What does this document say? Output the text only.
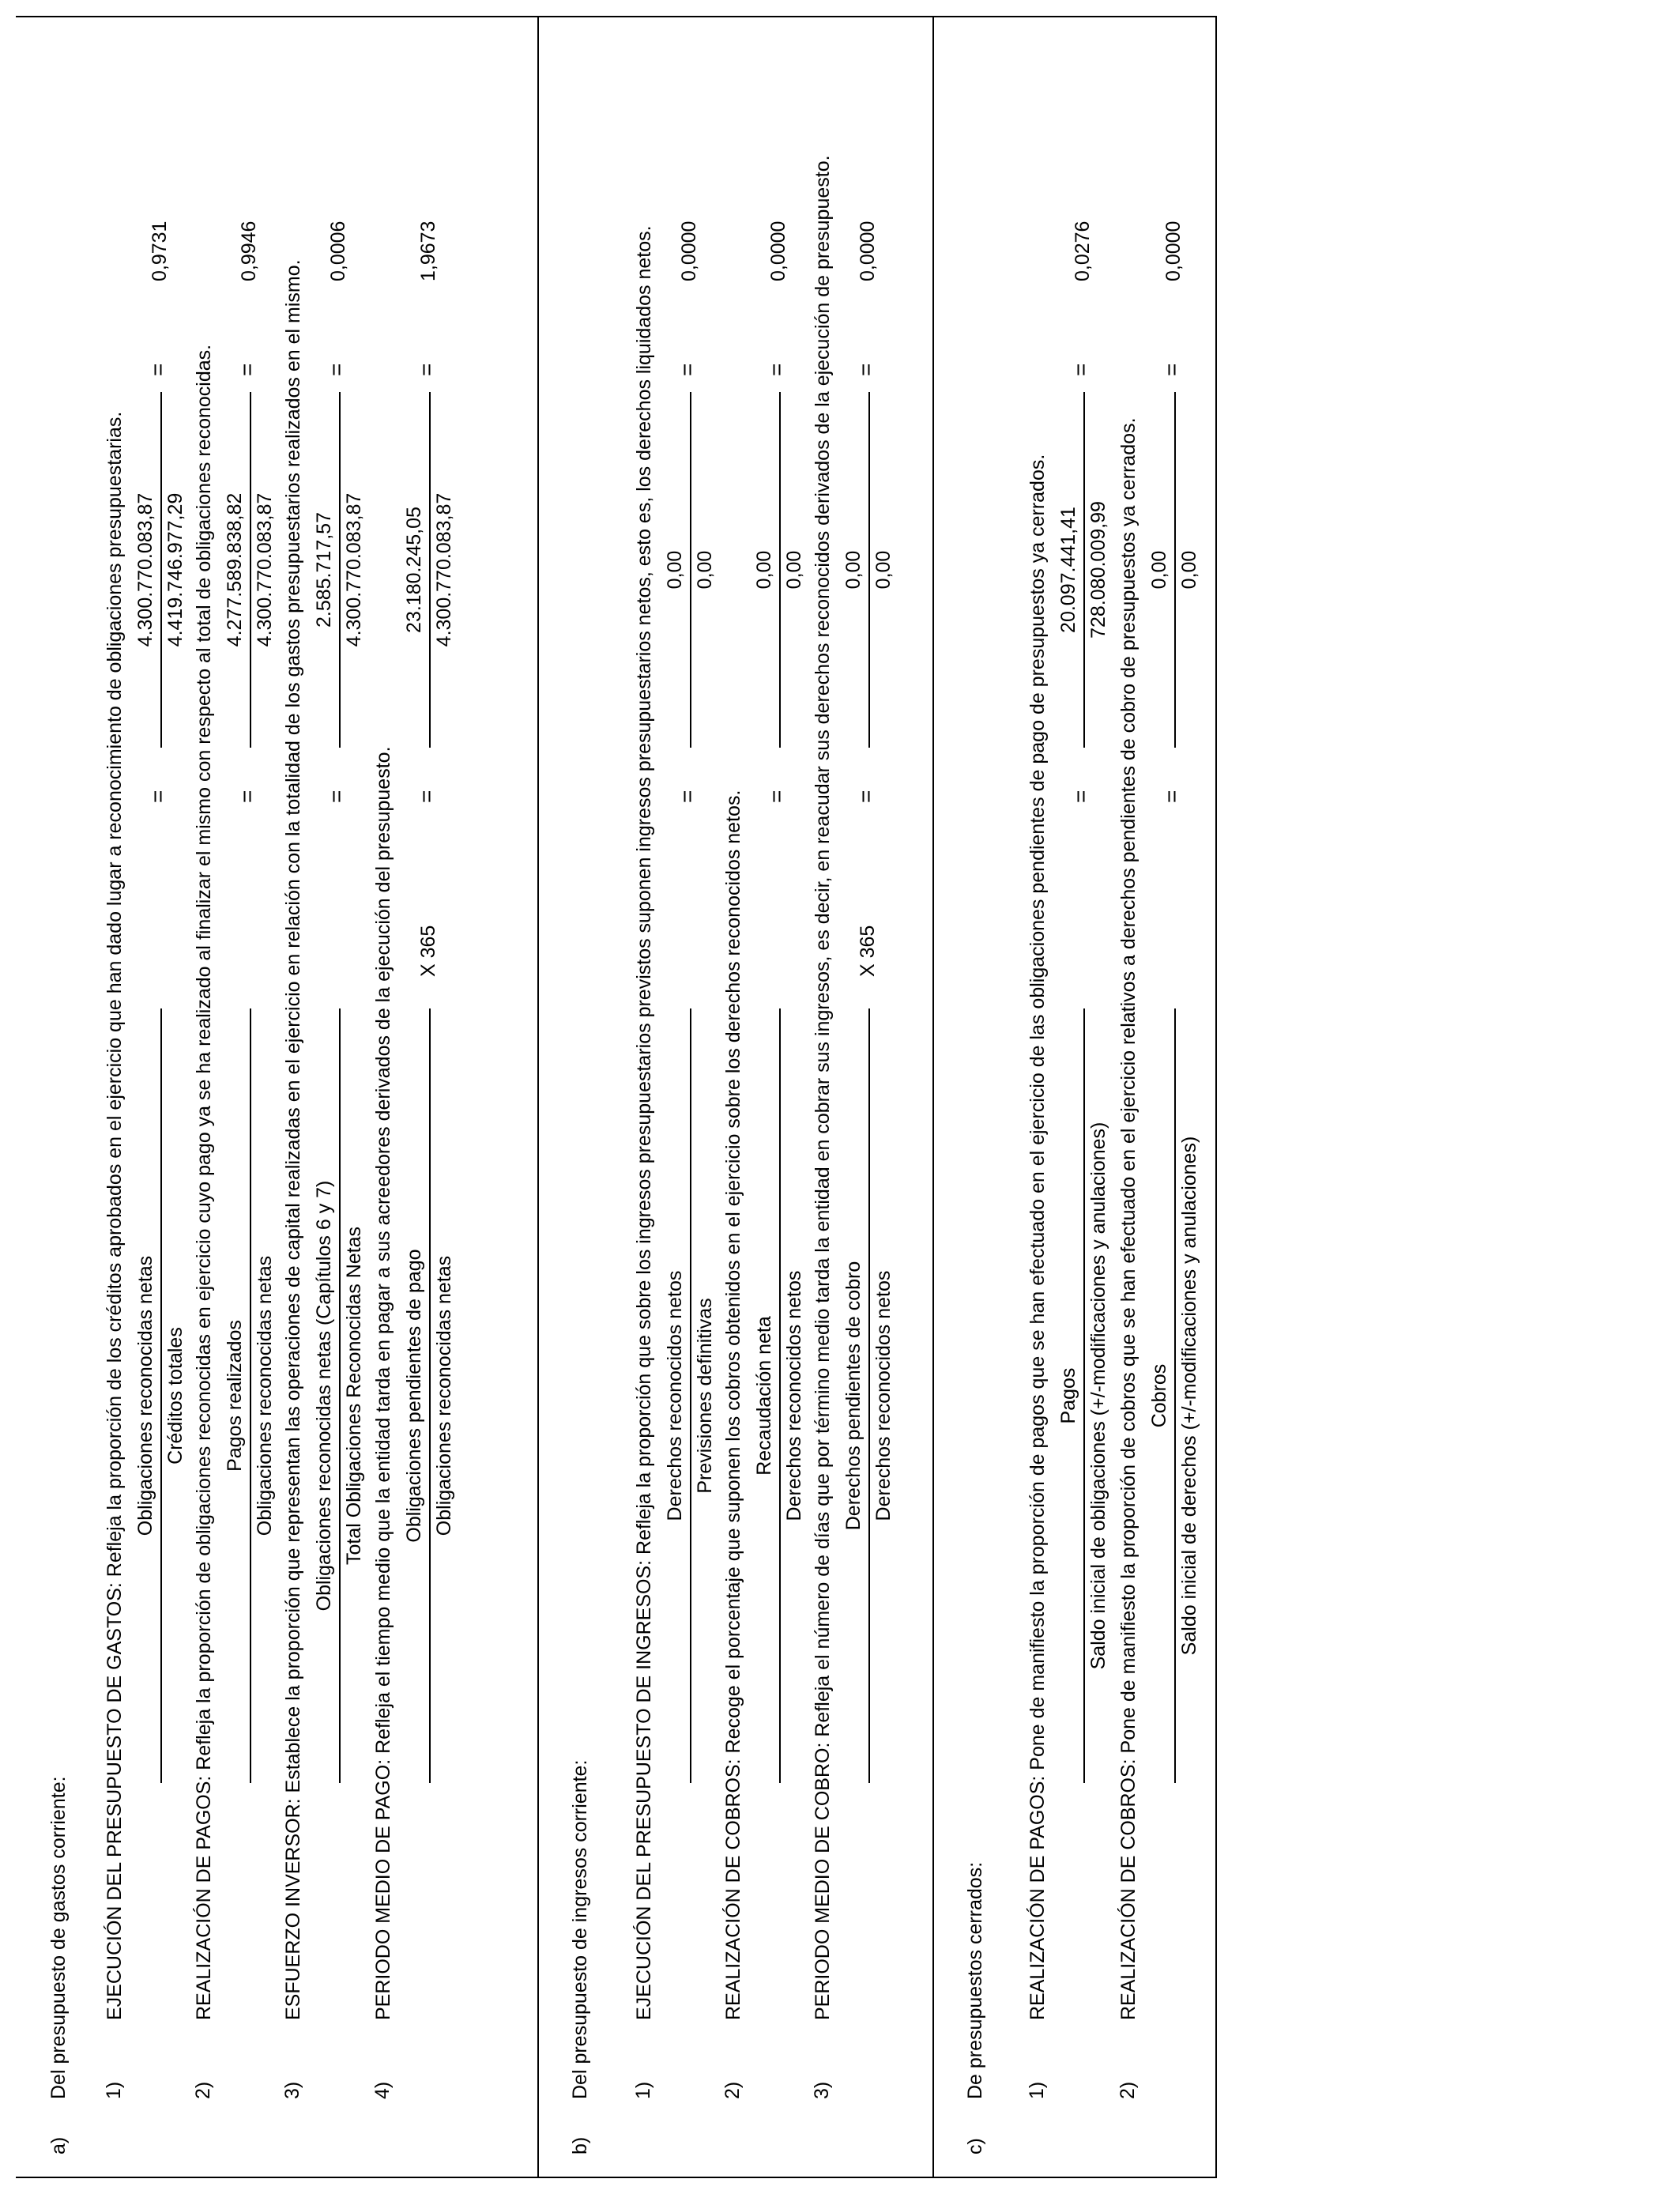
a)
Del presupuesto de gastos corriente: 1)
EJECUCIÓN DEL PRESUPUESTO DE GASTOS: Refleja la proporción de los créditos aprobados en el ejercicio que han dado lugar a reconocimiento de obligaciones presupuestarias. Obligaciones reconocidas netas Créditos totales
=
4.300.770.083,87 4.419.746.977,29
=
0,9731
2)
REALIZACIÓN DE PAGOS: Refleja la proporción de obligaciones reconocidas en ejercicio cuyo pago ya se ha realizado al finalizar el mismo con respecto al total de obligaciones reconocidas. Pagos realizados Obligaciones reconocidas netas
=
4.277.589.838,82 4.300.770.083,87
=
0,9946
3)
ESFUERZO INVERSOR: Establece la proporción que representan las operaciones de capital realizadas en el ejercicio en relación con la totalidad de los gastos presupuestarios realizados en el mismo. Obligaciones reconocidas netas (Capítulos 6 y 7) Total Obligaciones Reconocidas Netas
=
2.585.717,57 4.300.770.083,87
=
0,0006
4)
PERIODO MEDIO DE PAGO: Refleja el tiempo medio que la entidad tarda en pagar a sus acreedores derivados de la ejecución del presupuesto. Obligaciones pendientes de pago Obligaciones reconocidas netas
X 365
=
23.180.245,05 4.300.770.083,87
=
1,9673
b)
Del presupuesto de ingresos corriente: 1)
EJECUCIÓN DEL PRESUPUESTO DE INGRESOS: Refleja la proporción que sobre los ingresos presupuestarios previstos suponen ingresos presupuestarios netos, esto es, los derechos liquidados netos. Derechos reconocidos netos Previsiones definitivas
=
0,00 0,00
=
0,0000
2)
REALIZACIÓN DE COBROS: Recoge el porcentaje que suponen los cobros obtenidos en el ejercicio sobre los derechos reconocidos netos. Recaudación neta Derechos reconocidos netos
=
0,00 0,00
=
0,0000
3)
PERIODO MEDIO DE COBRO: Refleja el número de días que por término medio tarda la entidad en cobrar sus ingresos, es decir, en reacudar sus derechos reconocidos derivados de la ejecución de presupuesto. Derechos pendientes de cobro Derechos reconocidos netos
X 365
=
0,00 0,00
=
0,0000
c)
De presupuestos cerrados: 1)
REALIZACIÓN DE PAGOS: Pone de manifiesto la proporción de pagos que se han efectuado en el ejercicio de las obligaciones pendientes de pago de presupuestos ya cerrados. Pagos Saldo inicial de obligaciones (+/-modificaciones y anulaciones)
=
20.097.441,41 728.080.009,99
=
0,0276
2)
REALIZACIÓN DE COBROS: Pone de manifiesto la proporción de cobros que se han efectuado en el ejercicio relativos a derechos pendientes de cobro de presupuestos ya cerrados. Cobros Saldo inicial de derechos (+/-modificaciones y anulaciones)
=
0,00 0,00
=
0,0000
